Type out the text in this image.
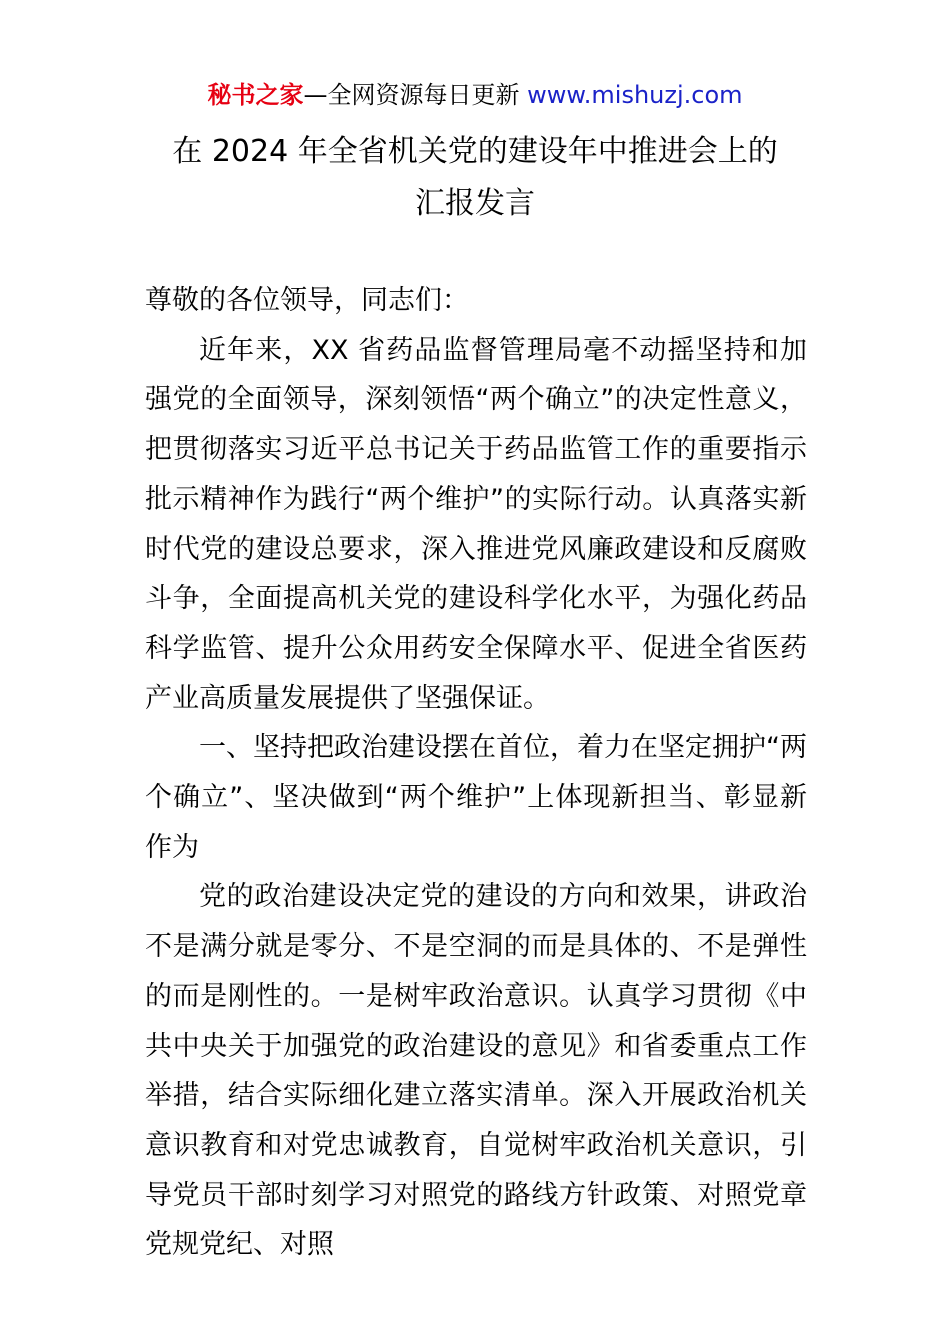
秘书之家—全网资源每日更新 www.mishuzj.com
在 2024 年全省机关党的建设年中推进会上的
汇报发言

尊敬的各位领导，同志们：

近年来，XX 省药品监督管理局毫不动摇坚持和加强党的全面领导，深刻领悟“两个确立”的决定性意义，把贯彻落实习近平总书记关于药品监管工作的重要指示批示精神作为践行“两个维护”的实际行动。认真落实新时代党的建设总要求，深入推进党风廉政建设和反腐败斗争，全面提高机关党的建设科学化水平，为强化药品科学监管、提升公众用药安全保障水平、促进全省医药产业高质量发展提供了坚强保证。

一、坚持把政治建设摆在首位，着力在坚定拥护“两个确立”、坚决做到“两个维护”上体现新担当、彰显新作为

党的政治建设决定党的建设的方向和效果，讲政治不是满分就是零分、不是空洞的而是具体的、不是弹性的而是刚性的。一是树牢政治意识。认真学习贯彻《中共中央关于加强党的政治建设的意见》和省委重点工作举措，结合实际细化建立落实清单。深入开展政治机关意识教育和对党忠诚教育，自觉树牢政治机关意识，引导党员干部时刻学习对照党的路线方针政策、对照党章党规党纪、对照
